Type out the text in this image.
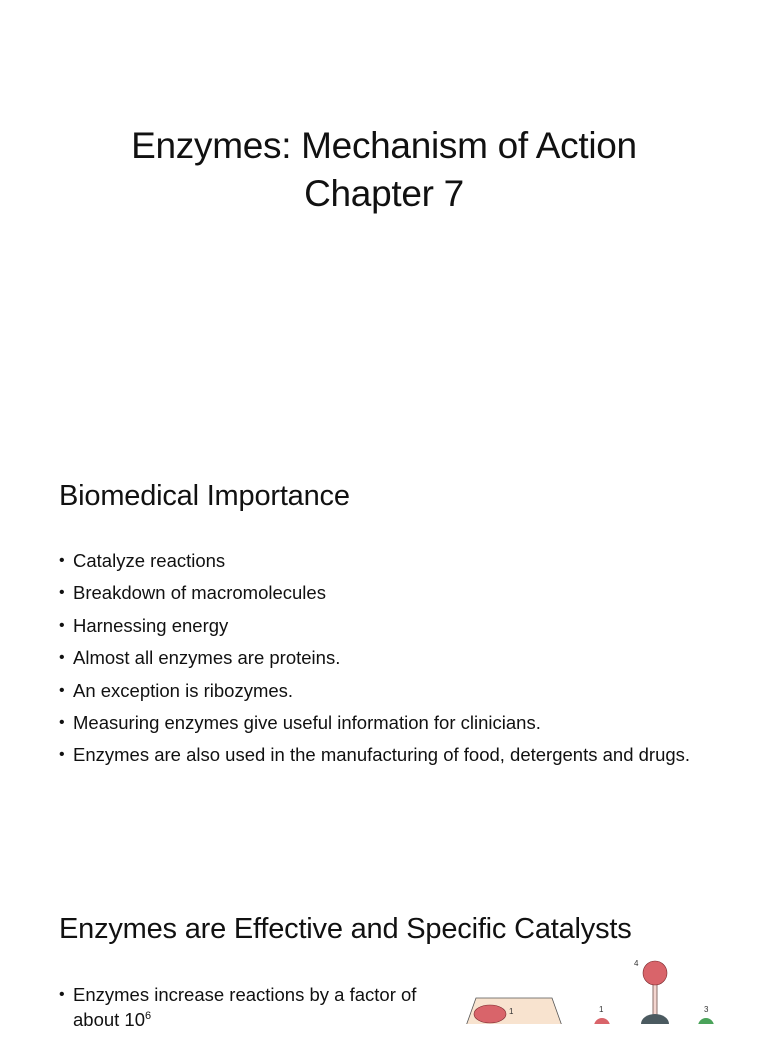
Enzymes: Mechanism of Action
Chapter 7
Biomedical Importance
• Catalyze reactions
• Breakdown of macromolecules
• Harnessing energy
• Almost all enzymes are proteins.
• An exception is ribozymes.
• Measuring enzymes give useful information for clinicians.
• Enzymes are also used in the manufacturing of food, detergents and drugs.
Enzymes are Effective and Specific Catalysts
• Enzymes increase reactions by a factor of about $10^6$	1
4
1	3
